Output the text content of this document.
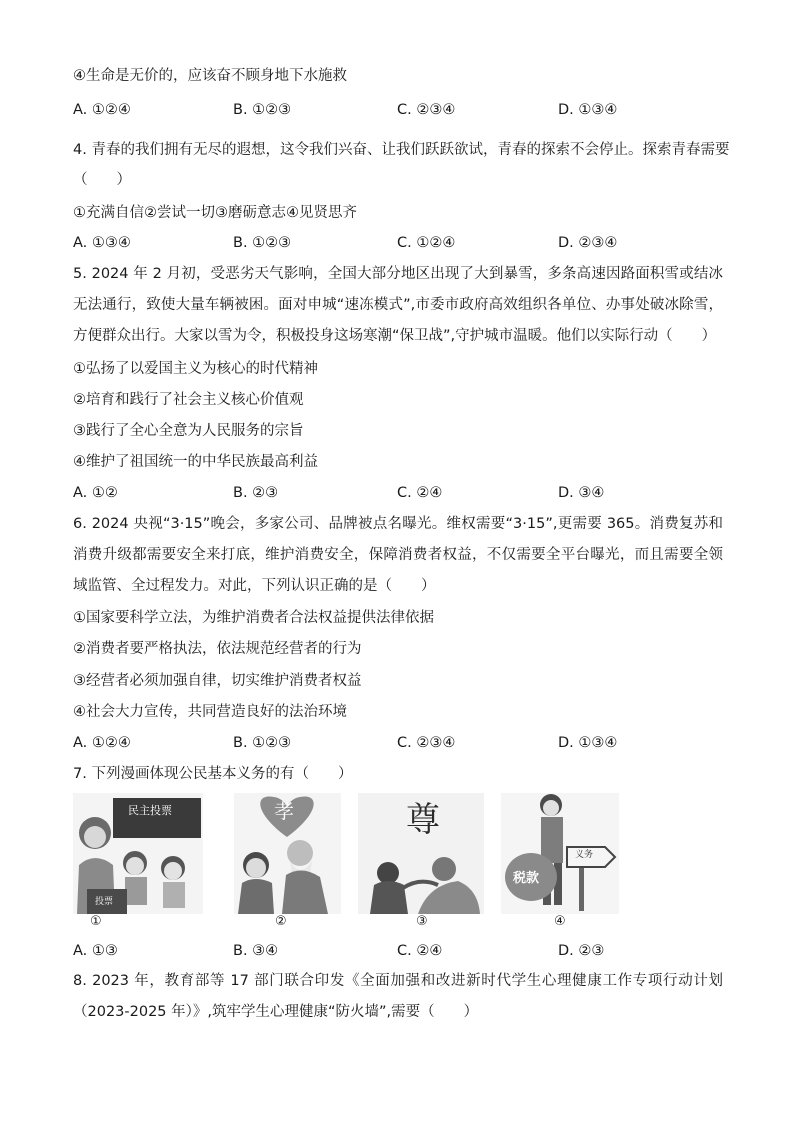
④生命是无价的，应该奋不顾身地下水施救
A. ①②④	B. ①②③	C. ②③④	D. ①③④
4. 青春的我们拥有无尽的遐想，这令我们兴奋、让我们跃跃欲试，青春的探索不会停止。探索青春需要
（　　）
①充满自信②尝试一切③磨砺意志④见贤思齐
A. ①③④	B. ①②③	C. ①②④	D. ②③④
5. 2024 年 2 月初，受恶劣天气影响，全国大部分地区出现了大到暴雪，多条高速因路面积雪或结冰无法通行，致使大量车辆被困。面对申城“速冻模式”,市委市政府高效组织各单位、办事处破冰除雪，方便群众出行。大家以雪为令，积极投身这场寒潮“保卫战”,守护城市温暖。他们以实际行动（　　）
①弘扬了以爱国主义为核心的时代精神
②培育和践行了社会主义核心价值观
③践行了全心全意为人民服务的宗旨
④维护了祖国统一的中华民族最高利益
A. ①②	B. ②③	C. ②④	D. ③④
6. 2024 央视“3·15”晚会，多家公司、品牌被点名曝光。维权需要“3·15”,更需要 365。消费复苏和消费升级都需要安全来打底，维护消费安全，保障消费者权益，不仅需要全平台曝光，而且需要全领域监管、全过程发力。对此，下列认识正确的是（　　）
①国家要科学立法，为维护消费者合法权益提供法律依据
②消费者要严格执法，依法规范经营者的行为
③经营者必须加强自律，切实维护消费者权益
④社会大力宣传，共同营造良好的法治环境
A. ①②④	B. ①②③	C. ②③④	D. ①③④
7. 下列漫画体现公民基本义务的有（　　）
民主投票
投票
孝	尊
税款
义务
①	②	③	④
A. ①③	B. ③④	C. ②④	D. ②③
8. 2023 年，教育部等 17 部门联合印发《全面加强和改进新时代学生心理健康工作专项行动计划（2023-2025 年）》,筑牢学生心理健康“防火墙”,需要（　　）
